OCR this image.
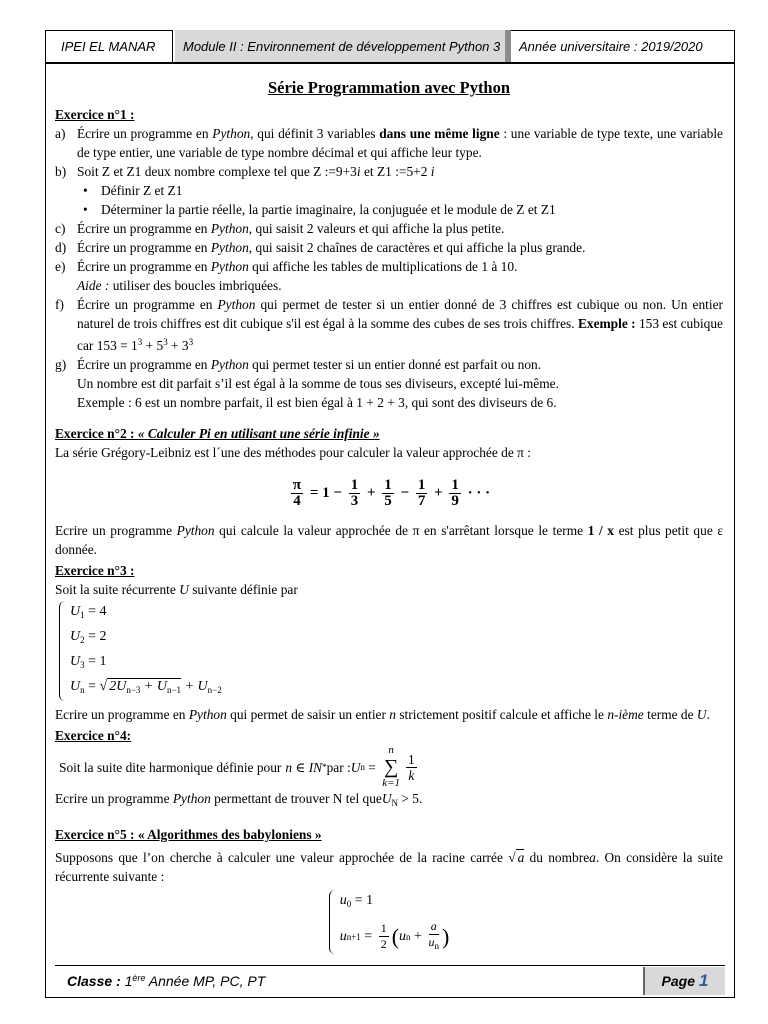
IPEI EL MANAR	Module II : Environnement de développement Python 3	Année universitaire : 2019/2020
Série Programmation avec Python
Exercice n°1 :
a) Écrire un programme en Python, qui définit 3 variables dans une même ligne : une variable de type texte, une variable de type entier, une variable de type nombre décimal et qui affiche leur type.
b) Soit Z et Z1 deux nombre complexe tel que Z :=9+3i et Z1 :=5+2 i
• Définir Z et Z1
• Déterminer la partie réelle, la partie imaginaire, la conjuguée et le module de Z et Z1
c) Écrire un programme en Python, qui saisit 2 valeurs et qui affiche la plus petite.
d) Écrire un programme en Python, qui saisit 2 chaînes de caractères et qui affiche la plus grande.
e) Écrire un programme en Python qui affiche les tables de multiplications de 1 à 10.
Aide : utiliser des boucles imbriquées.
f) Écrire un programme en Python qui permet de tester si un entier donné de 3 chiffres est cubique ou non. Un entier naturel de trois chiffres est dit cubique s'il est égal à la somme des cubes de ses trois chiffres. Exemple : 153 est cubique car $153 = 1^3 + 5^3 + 3^3$
g) Écrire un programme en Python qui permet tester si un entier donné est parfait ou non.
Un nombre est dit parfait s’il est égal à la somme de tous ses diviseurs, excepté lui-même.
Exemple : 6 est un nombre parfait, il est bien égal à 1 + 2 + 3, qui sont des diviseurs de 6.
Exercice n°2 : « Calculer Pi en utilisant une série infinie »
La série Grégory-Leibniz est l´une des méthodes pour calculer la valeur approchée de π :
$\frac{\pi}{4} = 1 - \frac{1}{3} + \frac{1}{5} - \frac{1}{7} + \frac{1}{9}$ · · ·
Ecrire un programme Python qui calcule la valeur approchée de π en s'arrêtant lorsque le terme 1 / x est plus petit que ε donnée.
Exercice n°3 :
Soit la suite récurrente U suivante définie par
$U_1 = 4$
$U_2 = 2$
$U_3 = 1$
$U_n$ = √ $2U_{n-3} + U_{n-1} + U_{n-2}$
Ecrire un programme en Python qui permet de saisir un entier n strictement positif calcule et affiche le n-ième terme de U.
Exercice n°4:
Soit la suite dite harmonique définie pour n ∈ IN * par : U n =
n
∑
k=1
$\frac{1}{k}$
Ecrire un programme Python permettant de trouver N tel queU$_N$ > 5.
Exercice n°5 : « Algorithmes des babyloniens »
Supposons que l’on cherche à calculer une valeur approchée de la racine carrée √ a du nombrea. On considère la suite récurrente suivante :
$u_0 = 1$
u $n+1 = \frac{1}{2}$ ( u $n + \frac{a}{u_n}$ )
Classe : 1ère Année MP, PC, PT	Page 1
